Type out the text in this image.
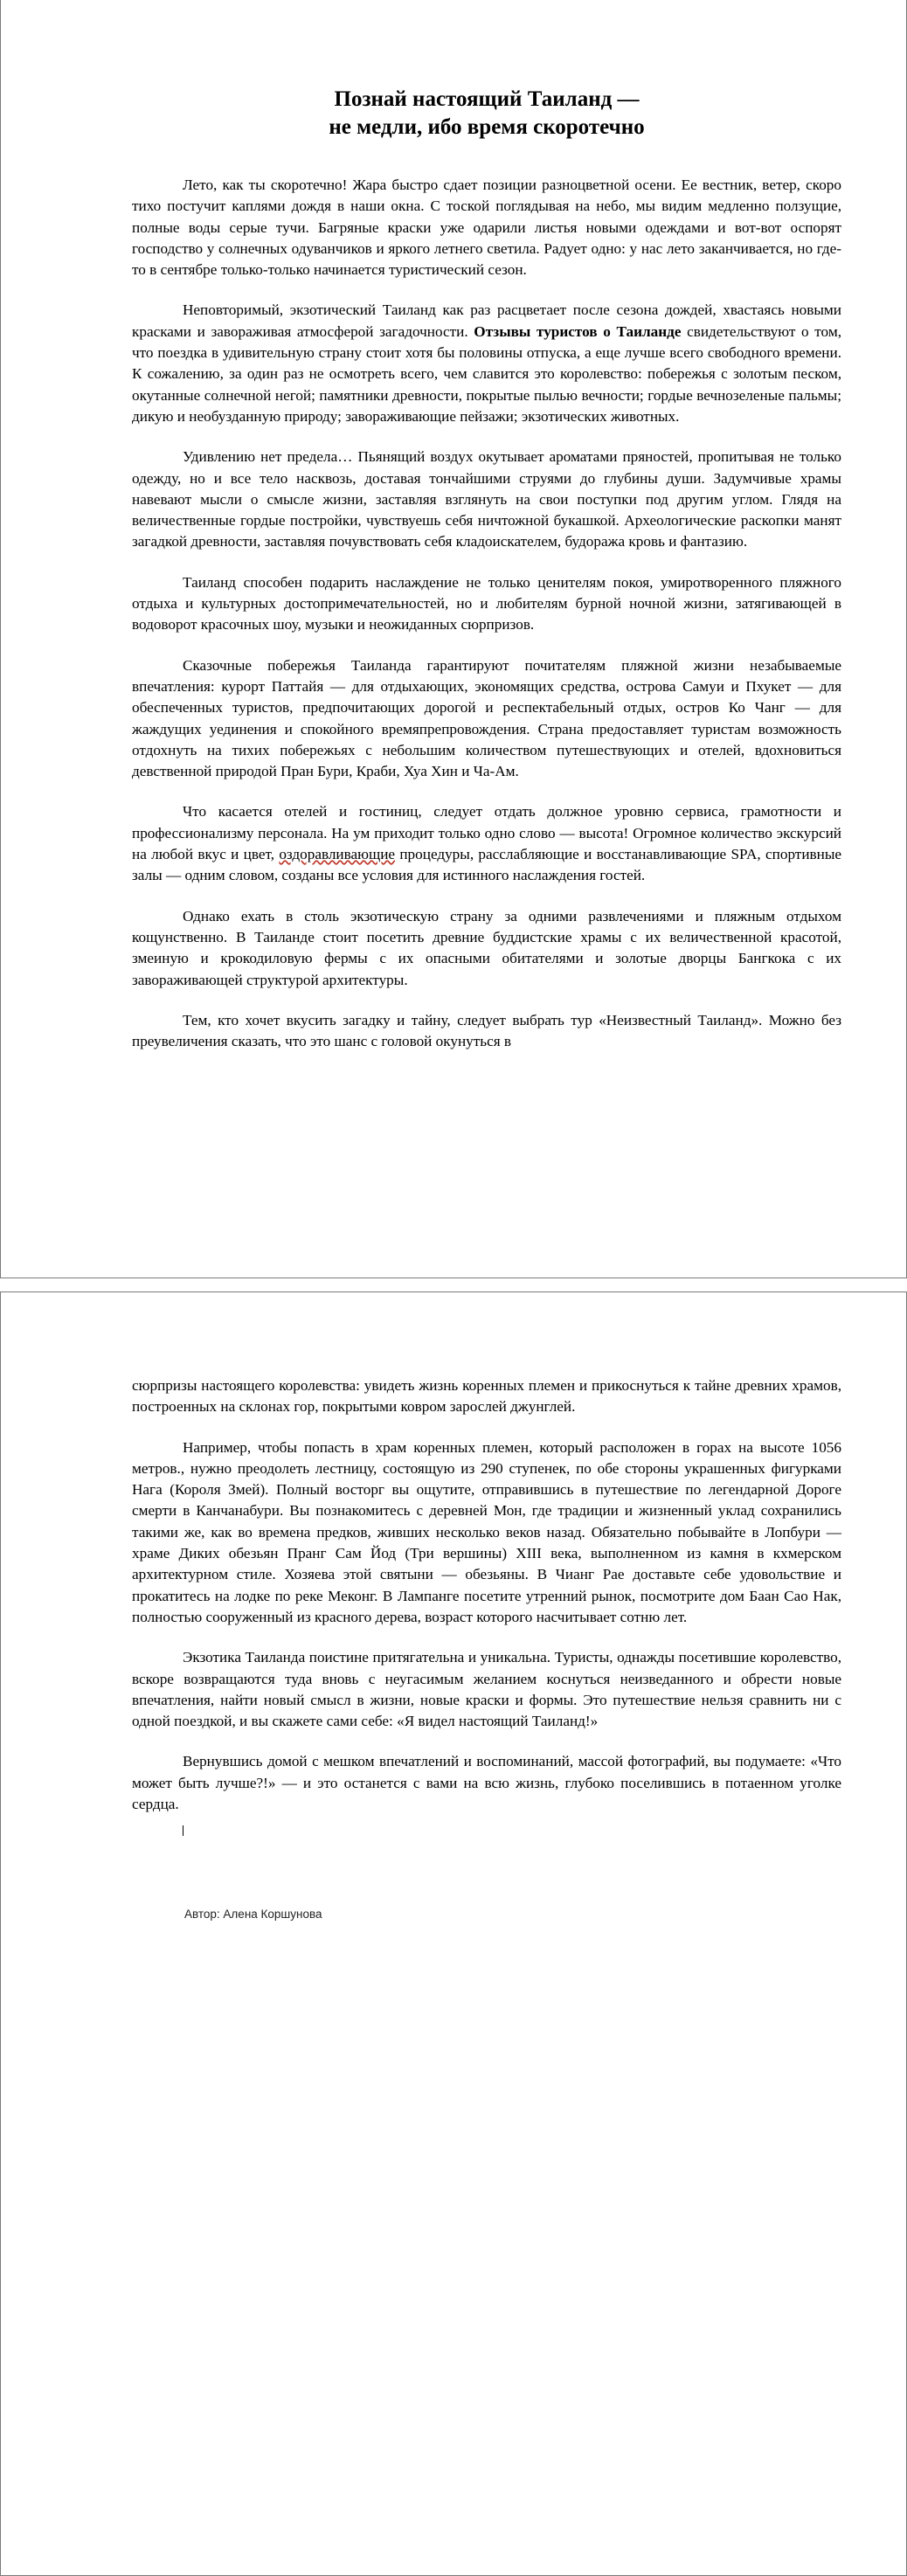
Познай настоящий Таиланд —
не медли, ибо время скоротечно

Лето, как ты скоротечно! Жара быстро сдает позиции разноцветной осени. Ее вестник, ветер, скоро тихо постучит каплями дождя в наши окна. С тоской поглядывая на небо, мы видим медленно ползущие, полные воды серые тучи. Багряные краски уже одарили листья новыми одеждами и вот-вот оспорят господство у солнечных одуванчиков и яркого летнего светила. Радует одно: у нас лето заканчивается, но где-то в сентябре только-только начинается туристический сезон.

Неповторимый, экзотический Таиланд как раз расцветает после сезона дождей, хвастаясь новыми красками и завораживая атмосферой загадочности. Отзывы туристов о Таиланде свидетельствуют о том, что поездка в удивительную страну стоит хотя бы половины отпуска, а еще лучше всего свободного времени. К сожалению, за один раз не осмотреть всего, чем славится это королевство: побережья с золотым песком, окутанные солнечной негой; памятники древности, покрытые пылью вечности; гордые вечнозеленые пальмы; дикую и необузданную природу; завораживающие пейзажи; экзотических животных.

Удивлению нет предела… Пьянящий воздух окутывает ароматами пряностей, пропитывая не только одежду, но и все тело насквозь, доставая тончайшими струями до глубины души. Задумчивые храмы навевают мысли о смысле жизни, заставляя взглянуть на свои поступки под другим углом. Глядя на величественные гордые постройки, чувствуешь себя ничтожной букашкой. Археологические раскопки манят загадкой древности, заставляя почувствовать себя кладоискателем, будоража кровь и фантазию.

Таиланд способен подарить наслаждение не только ценителям покоя, умиротворенного пляжного отдыха и культурных достопримечательностей, но и любителям бурной ночной жизни, затягивающей в водоворот красочных шоу, музыки и неожиданных сюрпризов.

Сказочные побережья Таиланда гарантируют почитателям пляжной жизни незабываемые впечатления: курорт Паттайя — для отдыхающих, экономящих средства, острова Самуи и Пхукет — для обеспеченных туристов, предпочитающих дорогой и респектабельный отдых, остров Ко Чанг — для жаждущих уединения и спокойного времяпрепровождения. Страна предоставляет туристам возможность отдохнуть на тихих побережьях с небольшим количеством путешествующих и отелей, вдохновиться девственной природой Пран Бури, Краби, Хуа Хин и Ча-Ам.

Что касается отелей и гостиниц, следует отдать должное уровню сервиса, грамотности и профессионализму персонала. На ум приходит только одно слово — высота! Огромное количество экскурсий на любой вкус и цвет, оздоравливающие процедуры, расслабляющие и восстанавливающие SPA, спортивные залы — одним словом, созданы все условия для истинного наслаждения гостей.

Однако ехать в столь экзотическую страну за одними развлечениями и пляжным отдыхом кощунственно. В Таиланде стоит посетить древние буддистские храмы с их величественной красотой, змеиную и крокодиловую фермы с их опасными обитателями и золотые дворцы Бангкока с их завораживающей структурой архитектуры.

Тем, кто хочет вкусить загадку и тайну, следует выбрать тур «Неизвестный Таиланд». Можно без преувеличения сказать, что это шанс с головой окунуться в

сюрпризы настоящего королевства: увидеть жизнь коренных племен и прикоснуться к тайне древних храмов, построенных на склонах гор, покрытыми ковром зарослей джунглей.

Например, чтобы попасть в храм коренных племен, который расположен в горах на высоте 1056 метров., нужно преодолеть лестницу, состоящую из 290 ступенек, по обе стороны украшенных фигурками Нага (Короля Змей). Полный восторг вы ощутите, отправившись в путешествие по легендарной Дороге смерти в Канчанабури. Вы познакомитесь с деревней Мон, где традиции и жизненный уклад сохранились такими же, как во времена предков, живших несколько веков назад. Обязательно побывайте в Лопбури — храме Диких обезьян Пранг Сам Йод (Три вершины) XIII века, выполненном из камня в кхмерском архитектурном стиле. Хозяева этой святыни — обезьяны. В Чианг Рае доставьте себе удовольствие и прокатитесь на лодке по реке Меконг. В Лампанге посетите утренний рынок, посмотрите дом Баан Сао Нак, полностью сооруженный из красного дерева, возраст которого насчитывает сотню лет.

Экзотика Таиланда поистине притягательна и уникальна. Туристы, однажды посетившие королевство, вскоре возвращаются туда вновь с неугасимым желанием коснуться неизведанного и обрести новые впечатления, найти новый смысл в жизни, новые краски и формы. Это путешествие нельзя сравнить ни с одной поездкой, и вы скажете сами себе: «Я видел настоящий Таиланд!»

Вернувшись домой с мешком впечатлений и воспоминаний, массой фотографий, вы подумаете: «Что может быть лучше?!» — и это останется с вами на всю жизнь, глубоко поселившись в потаенном уголке сердца.

Автор: Алена Коршунова
